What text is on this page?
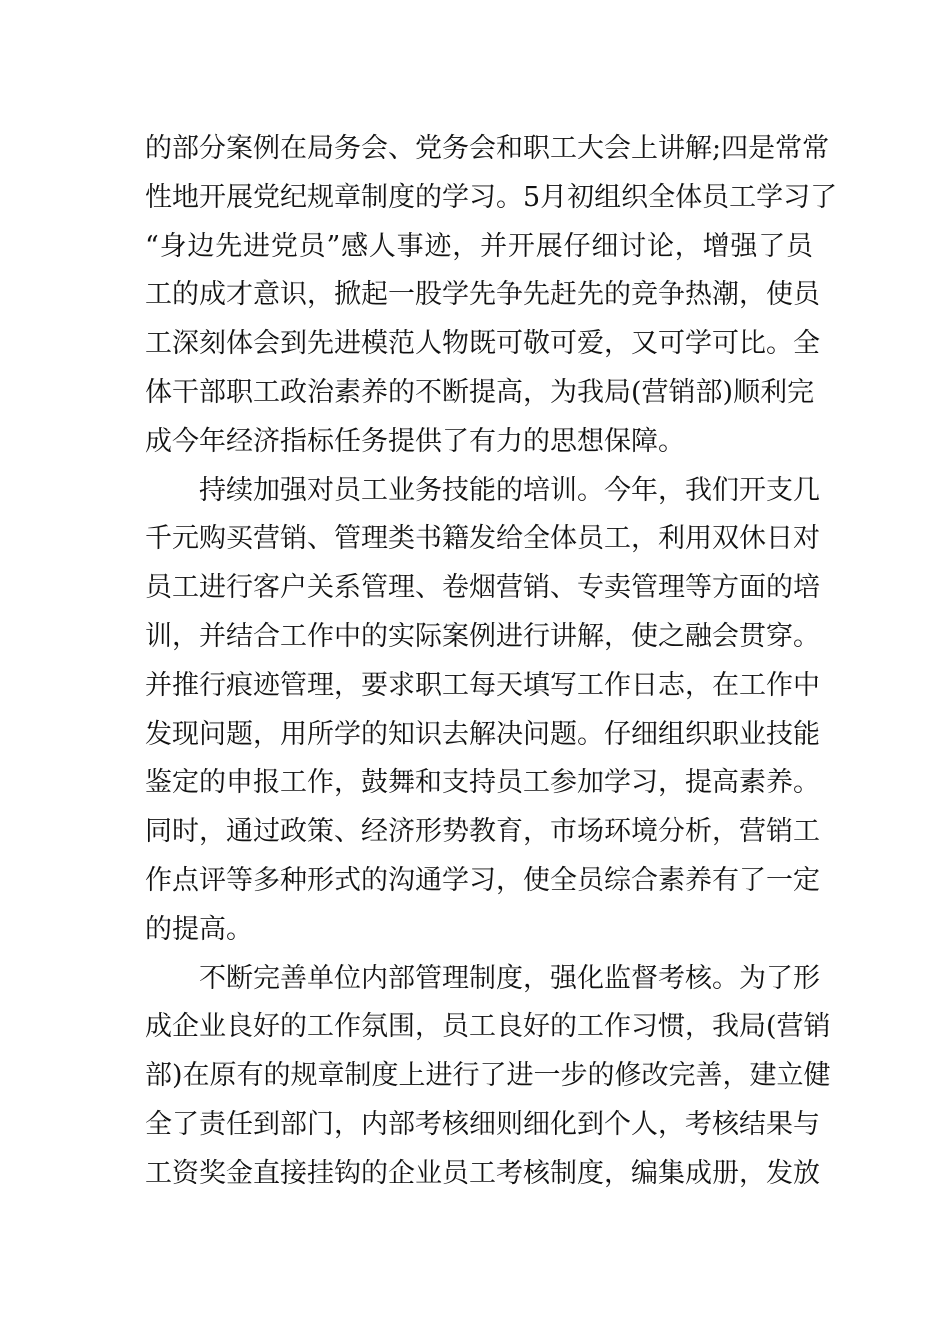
的部分案例在局务会、党务会和职工大会上讲解;四是常常
性地开展党纪规章制度的学习。5月初组织全体员工学习了
“身边先进党员”感人事迹，并开展仔细讨论，增强了员
工的成才意识，掀起一股学先争先赶先的竞争热潮，使员
工深刻体会到先进模范人物既可敬可爱，又可学可比。全
体干部职工政治素养的不断提高，为我局(营销部)顺利完
成今年经济指标任务提供了有力的思想保障。
持续加强对员工业务技能的培训。今年，我们开支几
千元购买营销、管理类书籍发给全体员工，利用双休日对
员工进行客户关系管理、卷烟营销、专卖管理等方面的培
训，并结合工作中的实际案例进行讲解，使之融会贯穿。
并推行痕迹管理，要求职工每天填写工作日志，在工作中
发现问题，用所学的知识去解决问题。仔细组织职业技能
鉴定的申报工作，鼓舞和支持员工参加学习，提高素养。
同时，通过政策、经济形势教育，市场环境分析，营销工
作点评等多种形式的沟通学习，使全员综合素养有了一定
的提高。
不断完善单位内部管理制度，强化监督考核。为了形
成企业良好的工作氛围，员工良好的工作习惯，我局(营销
部)在原有的规章制度上进行了进一步的修改完善，建立健
全了责任到部门，内部考核细则细化到个人，考核结果与
工资奖金直接挂钩的企业员工考核制度，编集成册，发放
